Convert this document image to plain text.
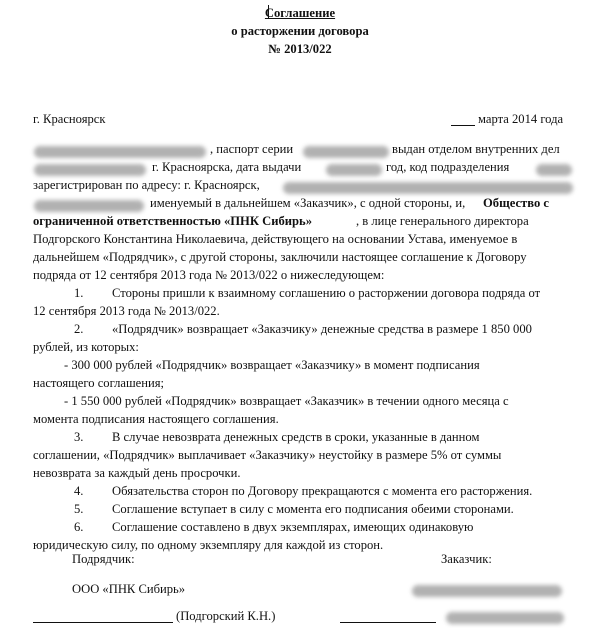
Соглашение
о расторжении договора
№ 2013/022
г. Красноярск	марта 2014 года
, паспорт серии	выдан отделом внутренних дел
г. Красноярска, дата выдачи	год, код подразделения
зарегистрирован по адресу: г. Красноярск,
именуемый в дальнейшем «Заказчик», с одной стороны, и, Общество с
ограниченной ответственностью «ПНК Сибирь»	, в лице генерального директора
Подгорского Константина Николаевича, действующего на основании Устава, именуемое в
дальнейшем «Подрядчик», с другой стороны, заключили настоящее соглашение к Договору
подряда от 12 сентября 2013 года № 2013/022 о нижеследующем:
1. Стороны пришли к взаимному соглашению о расторжении договора подряда от
12 сентября 2013 года № 2013/022.
2. «Подрядчик» возвращает «Заказчику» денежные средства в размере 1 850 000
рублей, из которых:
- 300 000 рублей «Подрядчик» возвращает «Заказчику» в момент подписания
настоящего соглашения;
- 1 550 000 рублей «Подрядчик» возвращает «Заказчик» в течении одного месяца с
момента подписания настоящего соглашения.
3. В случае невозврата денежных средств в сроки, указанные в данном
соглашении, «Подрядчик» выплачивает «Заказчику» неустойку в размере 5% от суммы
невозврата за каждый день просрочки.
4. Обязательства сторон по Договору прекращаются с момента его расторжения.
5. Соглашение вступает в силу с момента его подписания обеими сторонами.
6. Соглашение составлено в двух экземплярах, имеющих одинаковую
юридическую силу, по одному экземпляру для каждой из сторон.
Подрядчик:	Заказчик:
ООО «ПНК Сибирь»
(Подгорский К.Н.)
